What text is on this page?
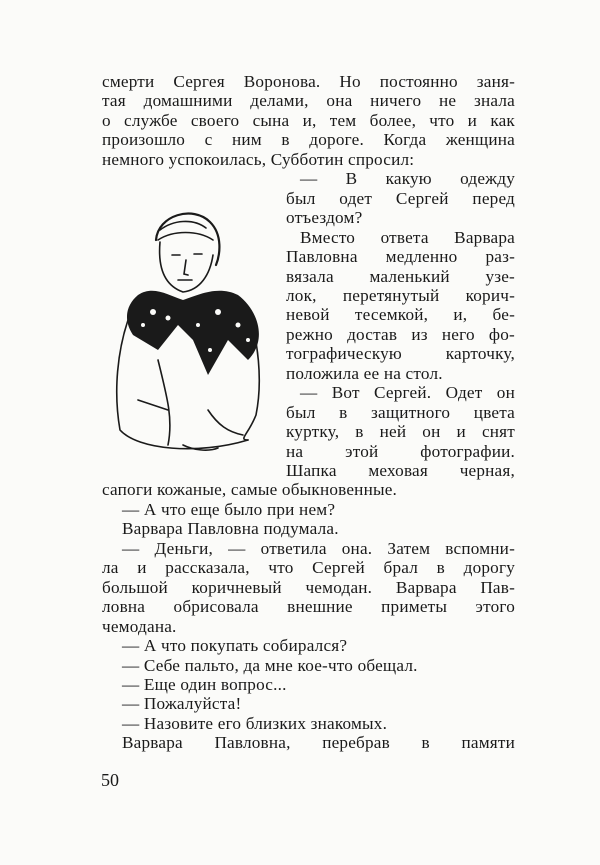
смерти Сергея Воронова. Но постоянно заня-
тая домашними делами, она ничего не знала
о службе своего сына и, тем более, что и как
произошло с ним в дороге. Когда женщина
немного успокоилась, Субботин спросил:
— В какую одежду
был одет Сергей перед
отъездом?
Вместо ответа Варвара
Павловна медленно раз-
вязала маленький узе-
лок, перетянутый корич-
невой тесемкой, и, бе-
режно достав из него фо-
тографическую карточку,
положила ее на стол.
— Вот Сергей. Одет он
был в защитного цвета
куртку, в ней он и снят
на этой фотографии.
Шапка меховая черная,
сапоги кожаные, самые обыкновенные.
— А что еще было при нем?
Варвара Павловна подумала.
— Деньги, — ответила она. Затем вспомни-
ла и рассказала, что Сергей брал в дорогу
большой коричневый чемодан. Варвара Пав-
ловна обрисовала внешние приметы этого
чемодана.
— А что покупать собирался?
— Себе пальто, да мне кое-что обещал.
— Еще один вопрос...
— Пожалуйста!
— Назовите его близких знакомых.
Варвара Павловна, перебрав в памяти
50
